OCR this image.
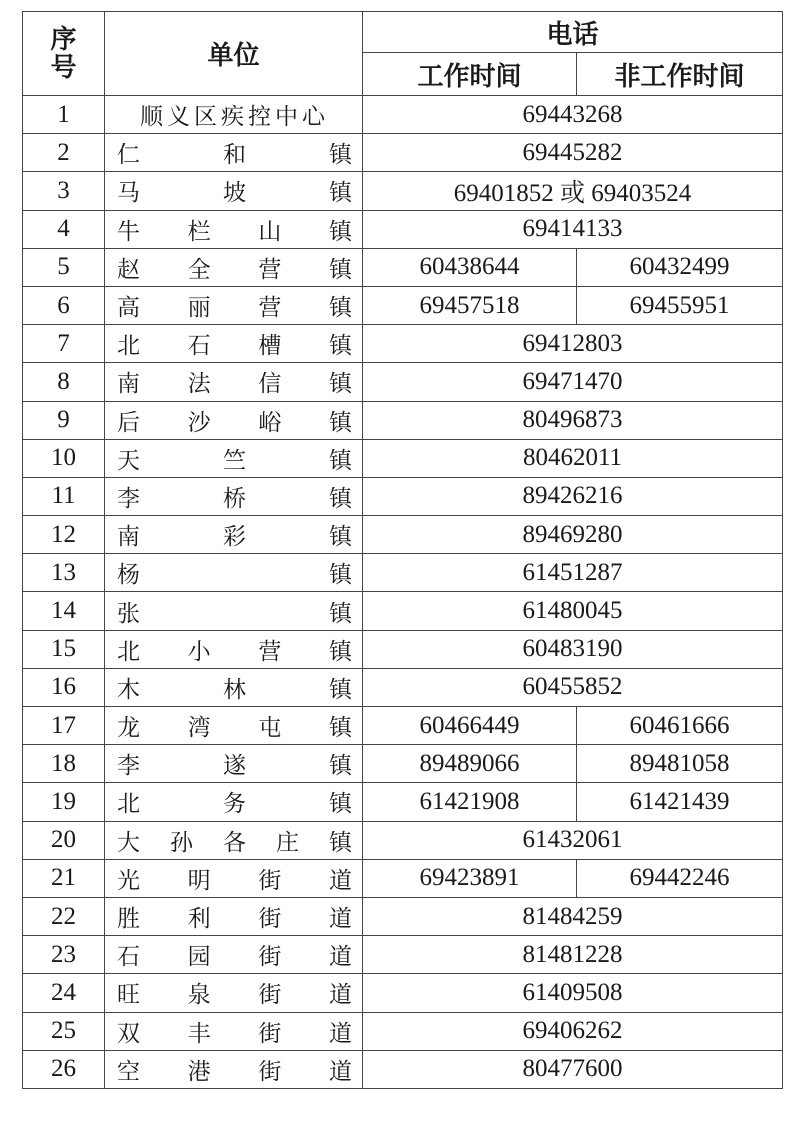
序
号	单位	电话	
		工作时间	非工作时间
1	顺义区疾控中心	69443268	
2	仁 和 镇	69445282	
3	马 坡 镇	69401852 或 69403524	
4	牛 栏 山 镇	69414133	
5	赵 全 营 镇	60438644	60432499
6	高 丽 营 镇	69457518	69455951
7	北 石 槽 镇	69412803	
8	南 法 信 镇	69471470	
9	后 沙 峪 镇	80496873	
10	天 竺 镇	80462011	
11	李 桥 镇	89426216	
12	南 彩 镇	89469280	
13	杨 镇	61451287	
14	张 镇	61480045	
15	北 小 营 镇	60483190	
16	木 林 镇	60455852	
17	龙 湾 屯 镇	60466449	60461666
18	李 遂 镇	89489066	89481058
19	北 务 镇	61421908	61421439
20	大 孙 各 庄 镇	61432061	
21	光 明 街 道	69423891	69442246
22	胜 利 街 道	81484259	
23	石 园 街 道	81481228	
24	旺 泉 街 道	61409508	
25	双 丰 街 道	69406262	
26	空 港 街 道	80477600	
